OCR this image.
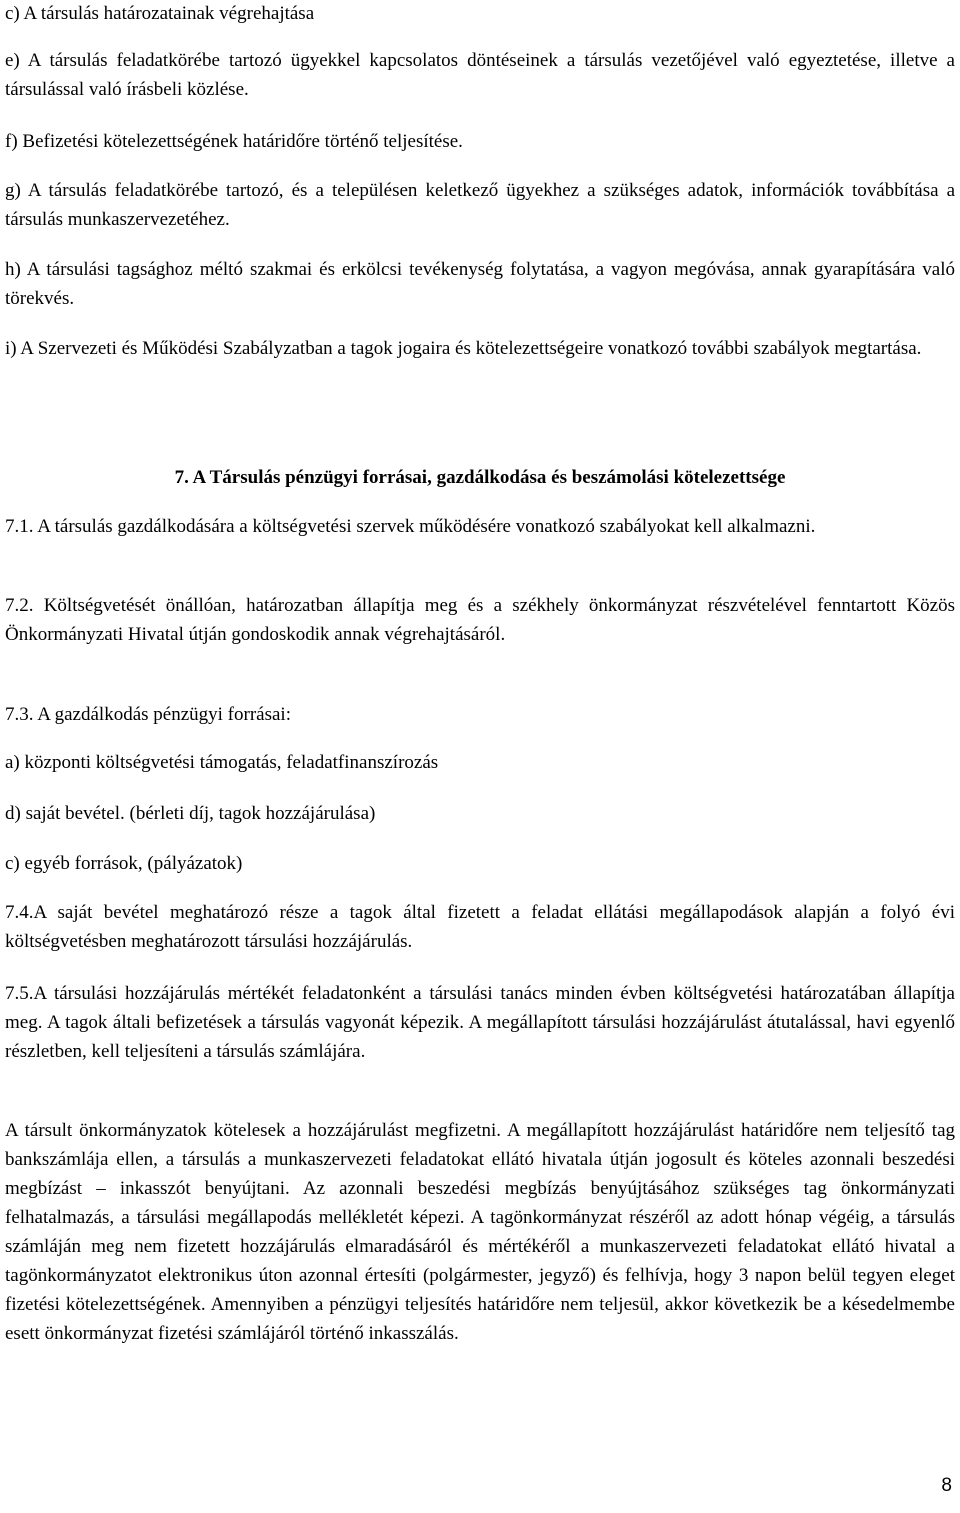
c) A társulás határozatainak végrehajtása

e) A társulás feladatkörébe tartozó ügyekkel kapcsolatos döntéseinek a társulás vezetőjével való egyeztetése, illetve a társulással való írásbeli közlése.

f) Befizetési kötelezettségének határidőre történő teljesítése.

g) A társulás feladatkörébe tartozó, és a településen keletkező ügyekhez a szükséges adatok, információk továbbítása a társulás munkaszervezetéhez.

h) A társulási tagsághoz méltó szakmai és erkölcsi tevékenység folytatása, a vagyon megóvása, annak gyarapítására való törekvés.

i) A Szervezeti és Működési Szabályzatban a tagok jogaira és kötelezettségeire vonatkozó további szabályok megtartása.

7. A Társulás pénzügyi forrásai, gazdálkodása és beszámolási kötelezettsége

7.1. A társulás gazdálkodására a költségvetési szervek működésére vonatkozó szabályokat kell alkalmazni.

7.2. Költségvetését önállóan, határozatban állapítja meg és a székhely önkormányzat részvételével fenntartott Közös Önkormányzati Hivatal útján gondoskodik annak végrehajtásáról.

7.3. A gazdálkodás pénzügyi forrásai:

a) központi költségvetési támogatás, feladatfinanszírozás

d) saját bevétel. (bérleti díj, tagok hozzájárulása)

c) egyéb források, (pályázatok)

7.4.A saját bevétel meghatározó része a tagok által fizetett a feladat ellátási megállapodások alapján a folyó évi költségvetésben meghatározott társulási hozzájárulás.

7.5.A társulási hozzájárulás mértékét feladatonként a társulási tanács minden évben költségvetési határozatában állapítja meg. A tagok általi befizetések a társulás vagyonát képezik. A megállapított társulási hozzájárulást átutalással, havi egyenlő részletben, kell teljesíteni a társulás számlájára.

A társult önkormányzatok kötelesek a hozzájárulást megfizetni. A megállapított hozzájárulást határidőre nem teljesítő tag bankszámlája ellen, a társulás a munkaszervezeti feladatokat ellátó hivatala útján jogosult és köteles azonnali beszedési megbízást – inkasszót benyújtani. Az azonnali beszedési megbízás benyújtásához szükséges tag önkormányzati felhatalmazás, a társulási megállapodás mellékletét képezi. A tagönkormányzat részéről az adott hónap végéig, a társulás számláján meg nem fizetett hozzájárulás elmaradásáról és mértékéről a munkaszervezeti feladatokat ellátó hivatal a tagönkormányzatot elektronikus úton azonnal értesíti (polgármester, jegyző) és felhívja, hogy 3 napon belül tegyen eleget fizetési kötelezettségének. Amennyiben a pénzügyi teljesítés határidőre nem teljesül, akkor következik be a késedelmembe esett önkormányzat fizetési számlájáról történő inkasszálás.

8
